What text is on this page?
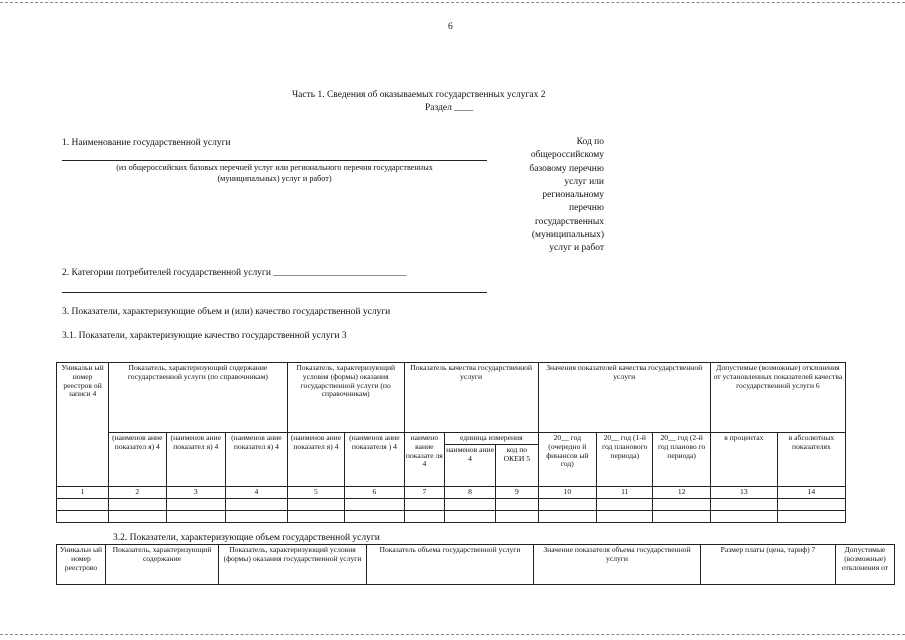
6
Часть 1. Сведения об оказываемых государственных услугах 2
Раздел ____
1. Наименование государственной услуги
(из общероссийских базовых перечней услуг или регионального перечня государственных
(муниципальных) услуг и работ)
Код по
общероссийскому
базовому перечню
услуг или
региональному
перечню
государственных
(муниципальных)
услуг и работ
2. Категории потребителей государственной услуги ____________________________
3. Показатели, характеризующие объем и (или) качество государственной услуги
3.1. Показатели, характеризующие качество государственной услуги 3
Уникальн ый номер реестров ой записи 4	Показатель, характеризующий содержание государственной услуги (по справочникам)			Показатель, характеризующий условия (формы) оказания государственной услуги (по справочникам)		Показатель качества государственной услуги			Значения показателей качества государственной услуги			Допустимые (возможные) отклонения от установленных показателей качества государственной услуги 6	
	(наименов ание показател я) 4	(наименов ание показател я) 4	(наименов ание показател я) 4	(наименов ание показател я) 4	(наименов ание показателя ) 4	наимено вание показате ля 4	единица измерения		20__ год (очередно й финансов ый год)	20__ год (1-й год планового периода)	20__ год (2-й год планово го периода)	в процентах	в абсолютных показателях
							наименов ание 4	код по ОКЕИ 5					
1	2	3	4	5	6	7	8	9	10	11	12	13	14

3.2. Показатели, характеризующие объем государственной услуги
Уникальн ый номер реестрово	Показатель, характеризующий содержание	Показатель, характеризующий условия (формы) оказания государственной услуги	Показатель объема государственной услуги	Значение показателя объема государственной услуги	Размер платы (цена, тариф) 7	Допустимые (возможные) отклонения от
